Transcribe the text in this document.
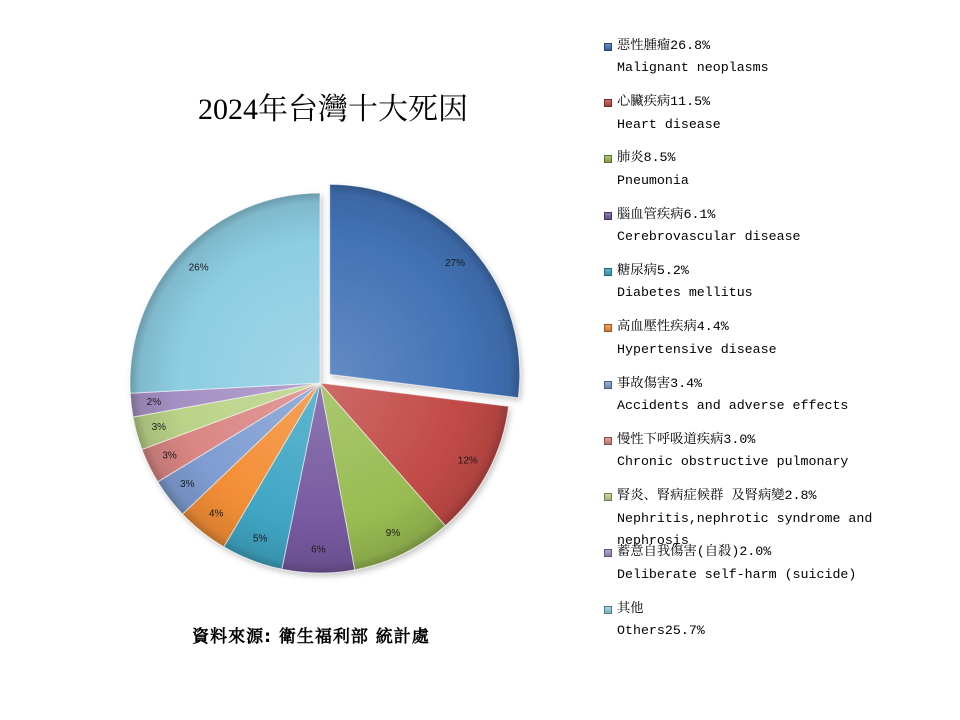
2024年台灣十大死因
27%
12%
9%
6%
5%
4%
3%
3%
3%
2%
26%
惡性腫瘤26.8%
Malignant neoplasms
心臟疾病11.5%
Heart disease
肺炎8.5%
Pneumonia
腦血管疾病6.1%
Cerebrovascular disease
糖尿病5.2%
Diabetes mellitus
高血壓性疾病4.4%
Hypertensive disease
事故傷害3.4%
Accidents and adverse effects
慢性下呼吸道疾病3.0%
Chronic obstructive pulmonary
腎炎、腎病症候群 及腎病變2.8%
Nephritis,nephrotic syndrome and nephrosis
蓄意自我傷害(自殺)2.0%
Deliberate self-harm (suicide)
其他
Others25.7%
資料來源: 衛生福利部 統計處
